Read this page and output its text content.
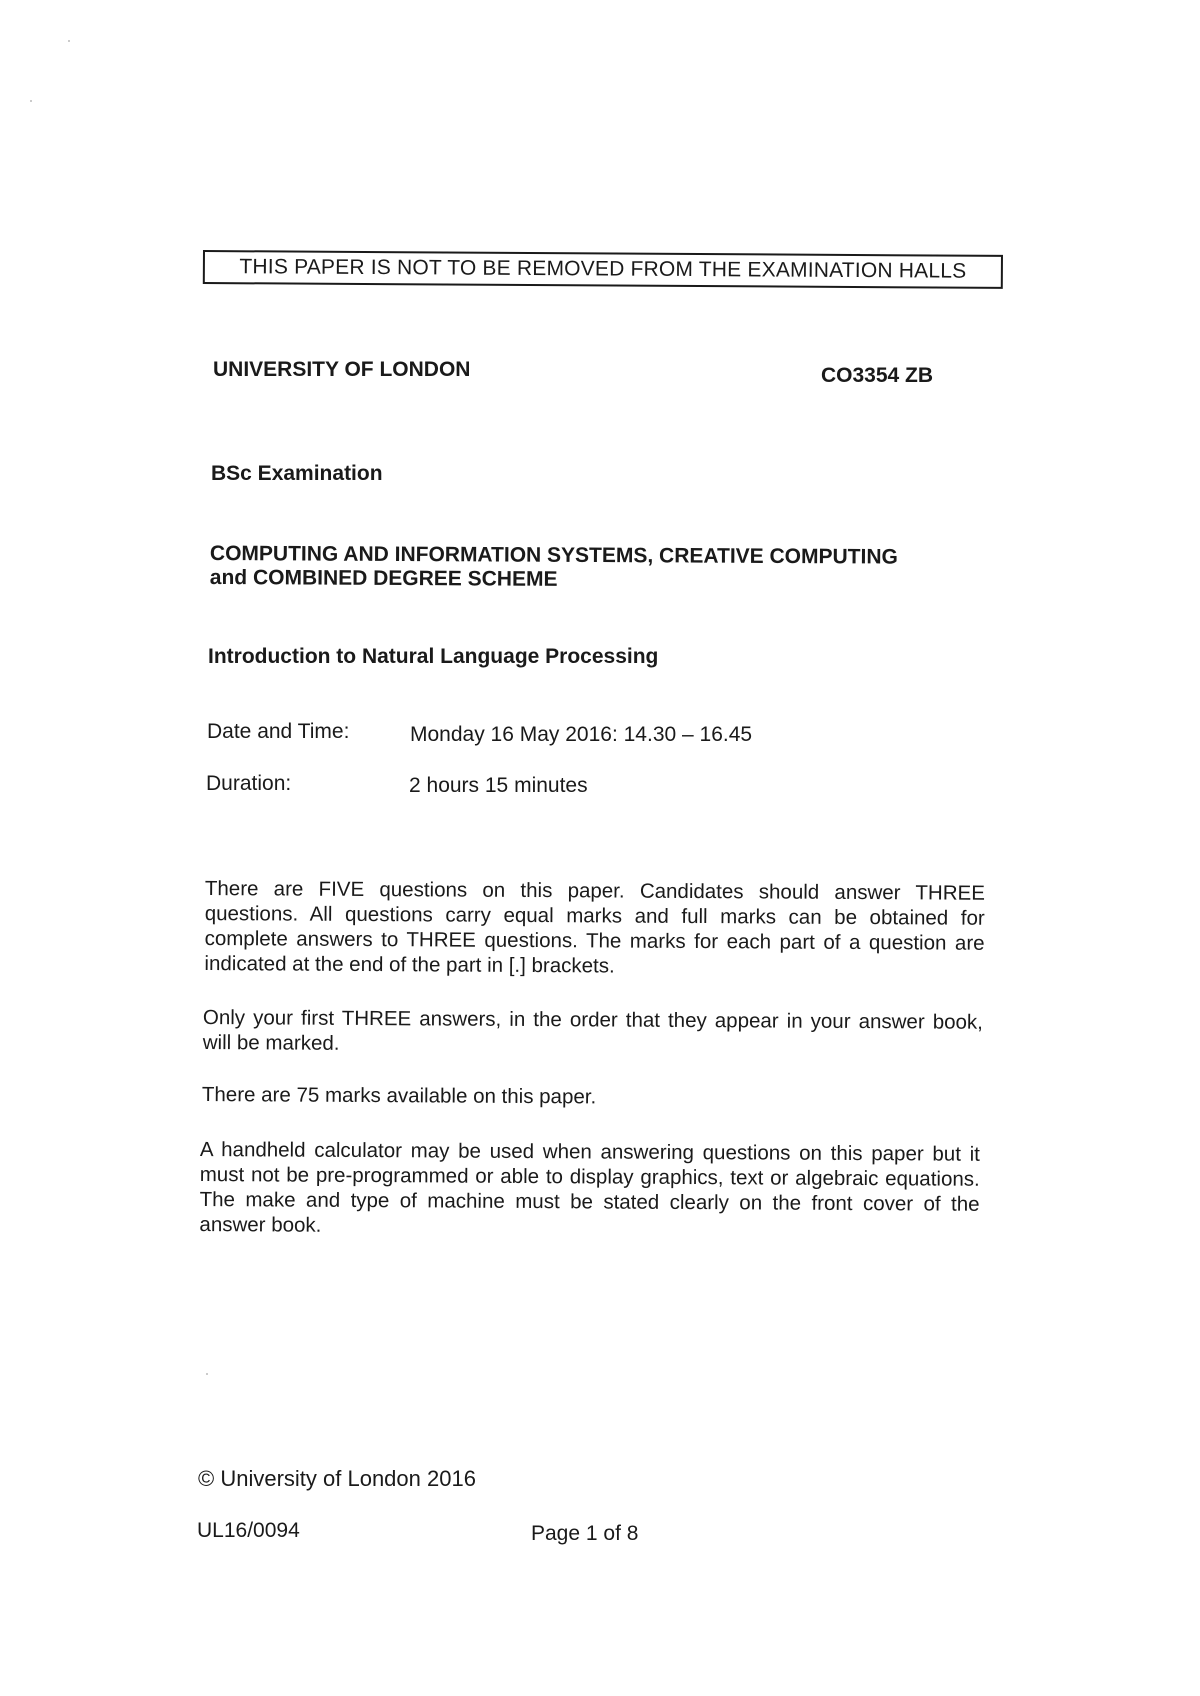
THIS PAPER IS NOT TO BE REMOVED FROM THE EXAMINATION HALLS
UNIVERSITY OF LONDON	CO3354 ZB
BSc Examination
COMPUTING AND INFORMATION SYSTEMS, CREATIVE COMPUTING
and COMBINED DEGREE SCHEME
Introduction to Natural Language Processing
Date and Time:	Monday 16 May 2016: 14.30 – 16.45
Duration:	2 hours 15 minutes
There are FIVE questions on this paper. Candidates should answer THREE questions. All questions carry equal marks and full marks can be obtained for complete answers to THREE questions. The marks for each part of a question are indicated at the end of the part in [.] brackets.
Only your first THREE answers, in the order that they appear in your answer book, will be marked.
There are 75 marks available on this paper.
A handheld calculator may be used when answering questions on this paper but it must not be pre-programmed or able to display graphics, text or algebraic equations. The make and type of machine must be stated clearly on the front cover of the answer book.
© University of London 2016
UL16/0094	Page 1 of 8
